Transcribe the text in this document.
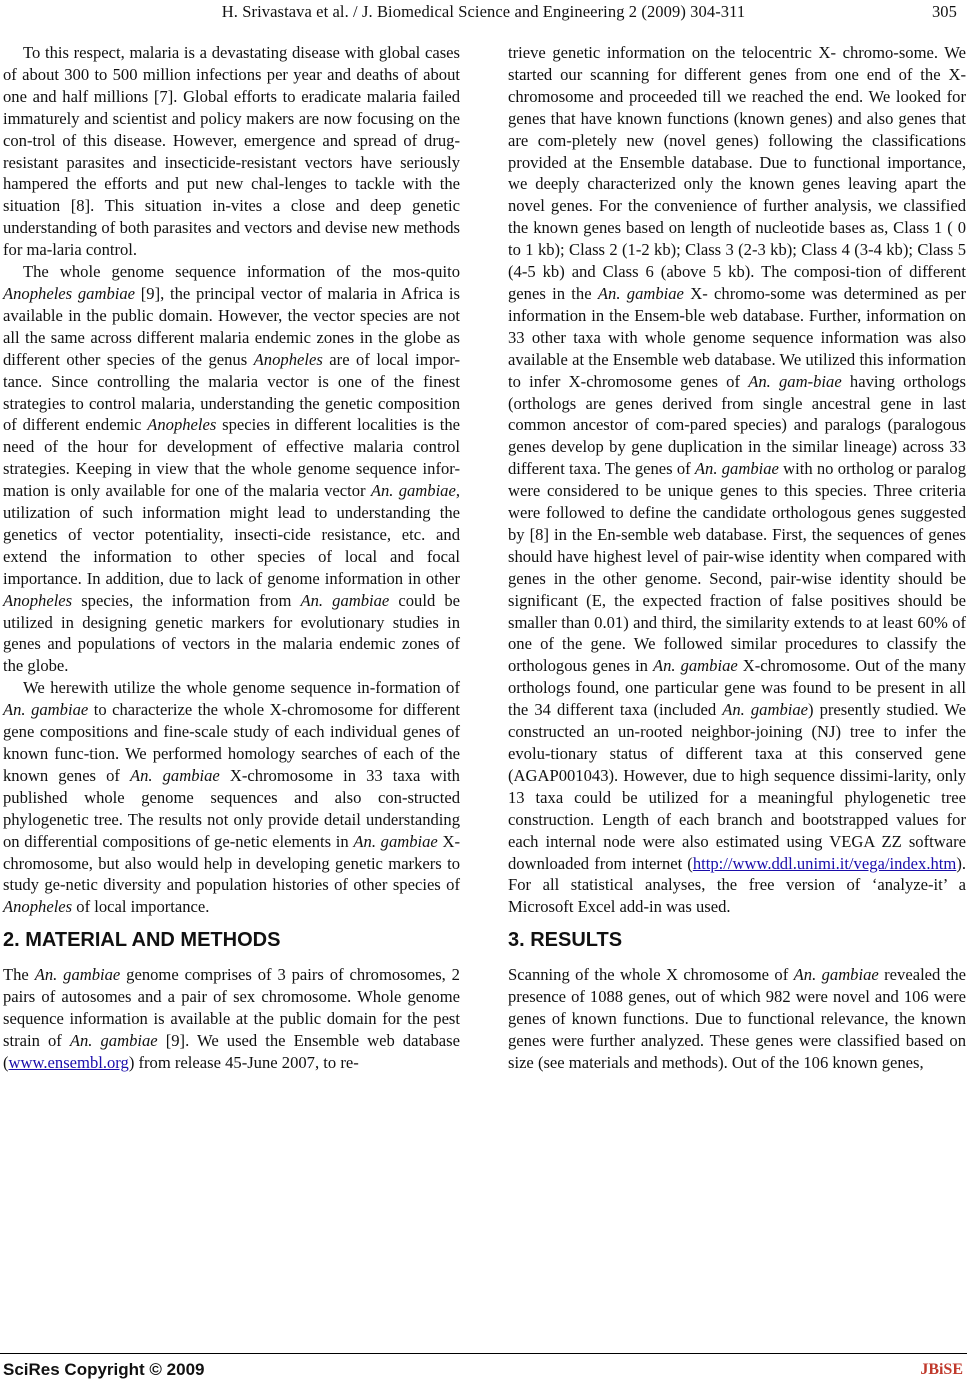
H. Srivastava et al. / J. Biomedical Science and Engineering 2 (2009) 304-311	305

To this respect, malaria is a devastating disease with global cases of about 300 to 500 million infections per year and deaths of about one and half millions [7]. Global efforts to eradicate malaria failed immaturely and scientist and policy makers are now focusing on the con-trol of this disease. However, emergence and spread of drug-resistant parasites and insecticide-resistant vectors have seriously hampered the efforts and put new chal-lenges to tackle with the situation [8]. This situation in-vites a close and deep genetic understanding of both parasites and vectors and devise new methods for ma-laria control.

The whole genome sequence information of the mos-quito Anopheles gambiae [9], the principal vector of malaria in Africa is available in the public domain. However, the vector species are not all the same across different malaria endemic zones in the globe as different other species of the genus Anopheles are of local impor-tance. Since controlling the malaria vector is one of the finest strategies to control malaria, understanding the genetic composition of different endemic Anopheles species in different localities is the need of the hour for development of effective malaria control strategies. Keeping in view that the whole genome sequence infor-mation is only available for one of the malaria vector An. gambiae, utilization of such information might lead to understanding the genetics of vector potentiality, insecti-cide resistance, etc. and extend the information to other species of local and focal importance. In addition, due to lack of genome information in other Anopheles species, the information from An. gambiae could be utilized in designing genetic markers for evolutionary studies in genes and populations of vectors in the malaria endemic zones of the globe.

We herewith utilize the whole genome sequence in-formation of An. gambiae to characterize the whole X-chromosome for different gene compositions and fine-scale study of each individual genes of known func-tion. We performed homology searches of each of the known genes of An. gambiae X-chromosome in 33 taxa with published whole genome sequences and also con-structed phylogenetic tree. The results not only provide detail understanding on differential compositions of ge-netic elements in An. gambiae X-chromosome, but also would help in developing genetic markers to study ge-netic diversity and population histories of other species of Anopheles of local importance.

2. MATERIAL AND METHODS

The An. gambiae genome comprises of 3 pairs of chromosomes, 2 pairs of autosomes and a pair of sex chromosome. Whole genome sequence information is available at the public domain for the pest strain of An. gambiae [9]. We used the Ensemble web database (www.ensembl.org) from release 45-June 2007, to re-

trieve genetic information on the telocentric X- chromo-some. We started our scanning for different genes from one end of the X-chromosome and proceeded till we reached the end. We looked for genes that have known functions (known genes) and also genes that are com-pletely new (novel genes) following the classifications provided at the Ensemble database. Due to functional importance, we deeply characterized only the known genes leaving apart the novel genes. For the convenience of further analysis, we classified the known genes based on length of nucleotide bases as, Class 1 ( 0 to 1 kb); Class 2 (1-2 kb); Class 3 (2-3 kb); Class 4 (3-4 kb); Class 5 (4-5 kb) and Class 6 (above 5 kb). The composi-tion of different genes in the An. gambiae X- chromo-some was determined as per information in the Ensem-ble web database. Further, information on 33 other taxa with whole genome sequence information was also available at the Ensemble web database. We utilized this information to infer X-chromosome genes of An. gam-biae having orthologs (orthologs are genes derived from single ancestral gene in last common ancestor of com-pared species) and paralogs (paralogous genes develop by gene duplication in the similar lineage) across 33 different taxa. The genes of An. gambiae with no ortholog or paralog were considered to be unique genes to this species. Three criteria were followed to define the candidate orthologous genes suggested by [8] in the En-semble web database. First, the sequences of genes should have highest level of pair-wise identity when compared with genes in the other genome. Second, pair-wise identity should be significant (E, the expected fraction of false positives should be smaller than 0.01) and third, the similarity extends to at least 60% of one of the gene. We followed similar procedures to classify the orthologous genes in An. gambiae X-chromosome. Out of the many orthologs found, one particular gene was found to be present in all the 34 different taxa (included An. gambiae) presently studied. We constructed an un-rooted neighbor-joining (NJ) tree to infer the evolu-tionary status of different taxa at this conserved gene (AGAP001043). However, due to high sequence dissimi-larity, only 13 taxa could be utilized for a meaningful phylogenetic tree construction. Length of each branch and bootstrapped values for each internal node were also estimated using VEGA ZZ software downloaded from internet (http://www.ddl.unimi.it/vega/index.htm). For all statistical analyses, the free version of ‘analyze-it’ a Microsoft Excel add-in was used.

3. RESULTS

Scanning of the whole X chromosome of An. gambiae revealed the presence of 1088 genes, out of which 982 were novel and 106 were genes of known functions. Due to functional relevance, the known genes were further analyzed. These genes were classified based on size (see materials and methods). Out of the 106 known genes,

SciRes Copyright © 2009	JBiSE
